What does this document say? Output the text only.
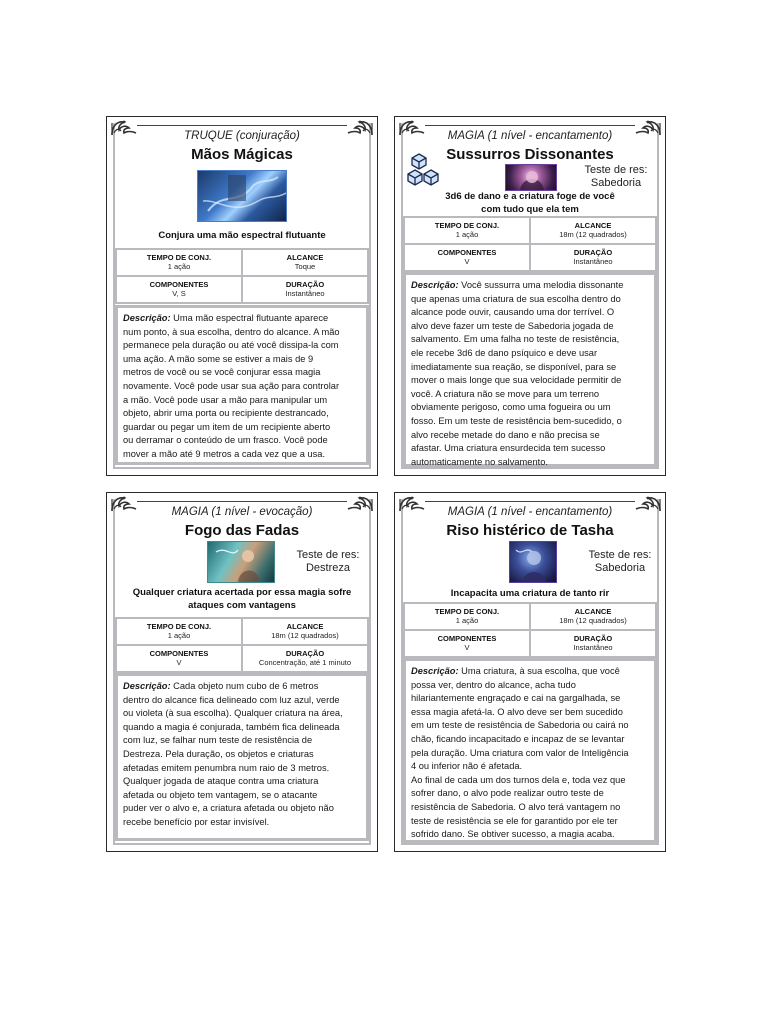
TRUQUE (conjuração)
Mãos Mágicas
Conjura uma mão espectral flutuante
TEMPO DE CONJ.
1 ação
ALCANCE
Toque
COMPONENTES
V, S
DURAÇÃO
Instantâneo
Descrição: Uma mão espectral flutuante aparece
num ponto, à sua escolha, dentro do alcance. A mão
permanece pela duração ou até você dissipa-la com
uma ação. A mão some se estiver a mais de 9
metros de você ou se você conjurar essa magia
novamente. Você pode usar sua ação para controlar
a mão. Você pode usar a mão para manipular um
objeto, abrir uma porta ou recipiente destrancado,
guardar ou pegar um item de um recipiente aberto
ou derramar o conteúdo de um frasco. Você pode
mover a mão até 9 metros a cada vez que a usa.
MAGIA (1 nível - encantamento)
Sussurros Dissonantes
Teste de res:
Sabedoria
3d6 de dano e a criatura foge de você
com tudo que ela tem
TEMPO DE CONJ.
1 ação
ALCANCE
18m (12 quadrados)
COMPONENTES
V
DURAÇÃO
Instantâneo
Descrição: Você sussurra uma melodia dissonante
que apenas uma criatura de sua escolha dentro do
alcance pode ouvir, causando uma dor terrível. O
alvo deve fazer um teste de Sabedoria jogada de
salvamento. Em uma falha no teste de resistência,
ele recebe 3d6 de dano psíquico e deve usar
imediatamente sua reação, se disponível, para se
mover o mais longe que sua velocidade permitir de
você. A criatura não se move para um terreno
obviamente perigoso, como uma fogueira ou um
fosso. Em um teste de resistência bem-sucedido, o
alvo recebe metade do dano e não precisa se
afastar. Uma criatura ensurdecida tem sucesso
automaticamente no salvamento.
MAGIA (1 nível - evocação)
Fogo das Fadas
Teste de res:
Destreza
Qualquer criatura acertada por essa magia sofre
ataques com vantagens
TEMPO DE CONJ.
1 ação
ALCANCE
18m (12 quadrados)
COMPONENTES
V
DURAÇÃO
Concentração, até 1 minuto
Descrição: Cada objeto num cubo de 6 metros
dentro do alcance fica delineado com luz azul, verde
ou violeta (à sua escolha). Qualquer criatura na área,
quando a magia é conjurada, também fica delineada
com luz, se falhar num teste de resistência de
Destreza. Pela duração, os objetos e criaturas
afetadas emitem penumbra num raio de 3 metros.
Qualquer jogada de ataque contra uma criatura
afetada ou objeto tem vantagem, se o atacante
puder ver o alvo e, a criatura afetada ou objeto não
recebe benefício por estar invisível.
MAGIA (1 nível - encantamento)
Riso histérico de Tasha
Teste de res:
Sabedoria
Incapacita uma criatura de tanto rir
TEMPO DE CONJ.
1 ação
ALCANCE
18m (12 quadrados)
COMPONENTES
V
DURAÇÃO
Instantâneo
Descrição: Uma criatura, à sua escolha, que você
possa ver, dentro do alcance, acha tudo
hilariantemente engraçado e cai na gargalhada, se
essa magia afetá-la. O alvo deve ser bem sucedido
em um teste de resistência de Sabedoria ou cairá no
chão, ficando incapacitado e incapaz de se levantar
pela duração. Uma criatura com valor de Inteligência
4 ou inferior não é afetada.
Ao final de cada um dos turnos dela e, toda vez que
sofrer dano, o alvo pode realizar outro teste de
resistência de Sabedoria. O alvo terá vantagem no
teste de resistência se ele for garantido por ele ter
sofrido dano. Se obtiver sucesso, a magia acaba.
